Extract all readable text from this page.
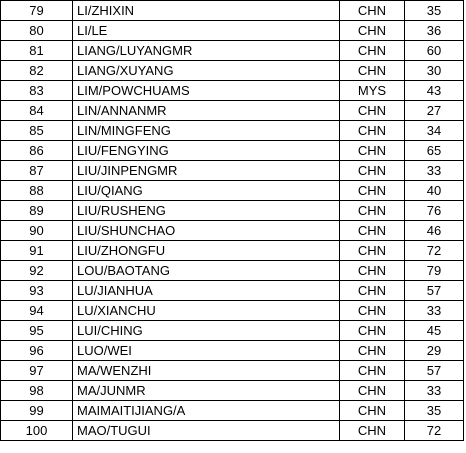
79	LI/ZHIXIN	CHN	35
80	LI/LE	CHN	36
81	LIANG/LUYANGMR	CHN	60
82	LIANG/XUYANG	CHN	30
83	LIM/POWCHUAMS	MYS	43
84	LIN/ANNANMR	CHN	27
85	LIN/MINGFENG	CHN	34
86	LIU/FENGYING	CHN	65
87	LIU/JINPENGMR	CHN	33
88	LIU/QIANG	CHN	40
89	LIU/RUSHENG	CHN	76
90	LIU/SHUNCHAO	CHN	46
91	LIU/ZHONGFU	CHN	72
92	LOU/BAOTANG	CHN	79
93	LU/JIANHUA	CHN	57
94	LU/XIANCHU	CHN	33
95	LUI/CHING	CHN	45
96	LUO/WEI	CHN	29
97	MA/WENZHI	CHN	57
98	MA/JUNMR	CHN	33
99	MAIMAITIJIANG/A	CHN	35
100	MAO/TUGUI	CHN	72
